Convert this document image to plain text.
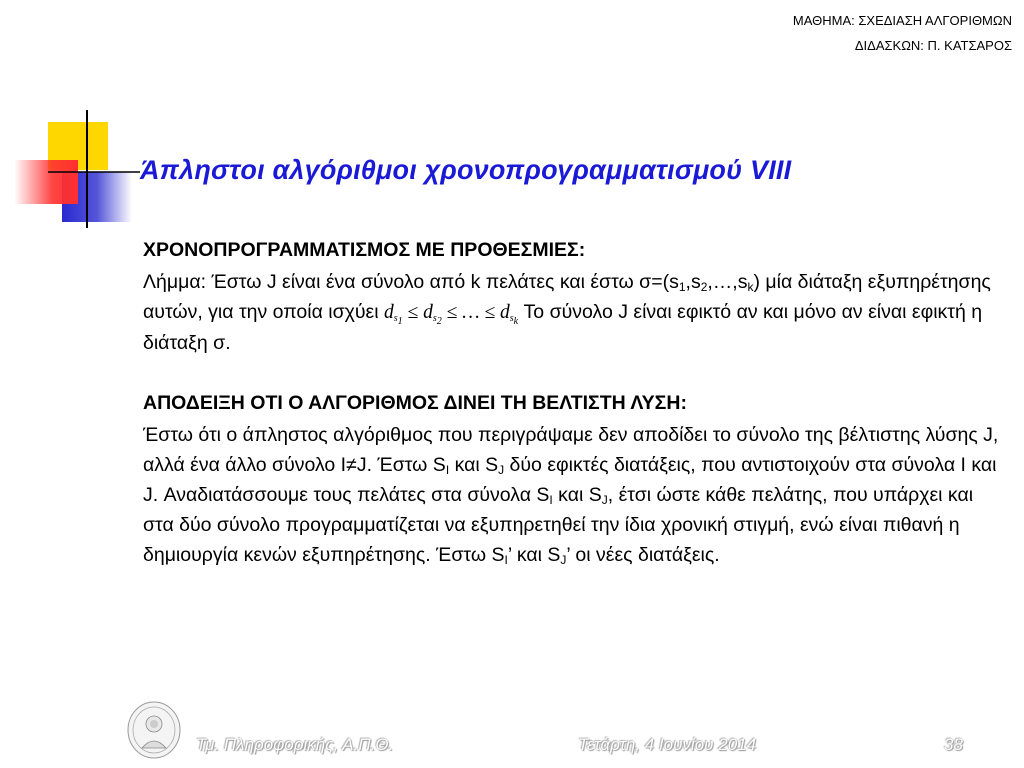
ΜΑΘΗΜΑ: ΣΧΕΔΙΑΣΗ ΑΛΓΟΡΙΘΜΩΝ
ΔΙΔΑΣΚΩΝ: Π. ΚΑΤΣΑΡΟΣ
Άπληστοι αλγόριθμοι χρονοπρογραμματισμού VIII

ΧΡΟΝΟΠΡΟΓΡΑΜΜΑΤΙΣΜΟΣ ΜΕ ΠΡΟΘΕΣΜΙΕΣ:

Λήμμα: Έστω J είναι ένα σύνολο από k πελάτες και έστω $\sigma=(s_1,s_2,\dots,s_k)$ μία διάταξη εξυπηρέτησης αυτών, για την οποία ισχύει $d_{s_1} \le d_{s_2}$ ≤ … ≤ $d_{s_k}$ Το σύνολο J είναι εφικτό αν και μόνο αν είναι εφικτή η διάταξη σ.

ΑΠΟΔΕΙΞΗ ΟΤΙ Ο ΑΛΓΟΡΙΘΜΟΣ ΔΙΝΕΙ ΤΗ ΒΕΛΤΙΣΤΗ ΛΥΣΗ:

Έστω ότι ο άπληστος αλγόριθμος που περιγράψαμε δεν αποδίδει το σύνολο της βέλτιστης λύσης J, αλλά ένα άλλο σύνολο I≠J. Έστω $S_I$ και $S_J$ δύο εφικτές διατάξεις, που αντιστοιχούν στα σύνολα I και J. Αναδιατάσσουμε τους πελάτες στα σύνολα $S_I$ και $S_J$, έτσι ώστε κάθε πελάτης, που υπάρχει και στα δύο σύνολο προγραμματίζεται να εξυπηρετηθεί την ίδια χρονική στιγμή, ενώ είναι πιθανή η δημιουργία κενών εξυπηρέτησης. Έστω $S_I$’ και $S_J$’ οι νέες διατάξεις.

Τμ. Πληροφορικής, Α.Π.Θ.	Τετάρτη, 4 Ιουνίου 2014	38
